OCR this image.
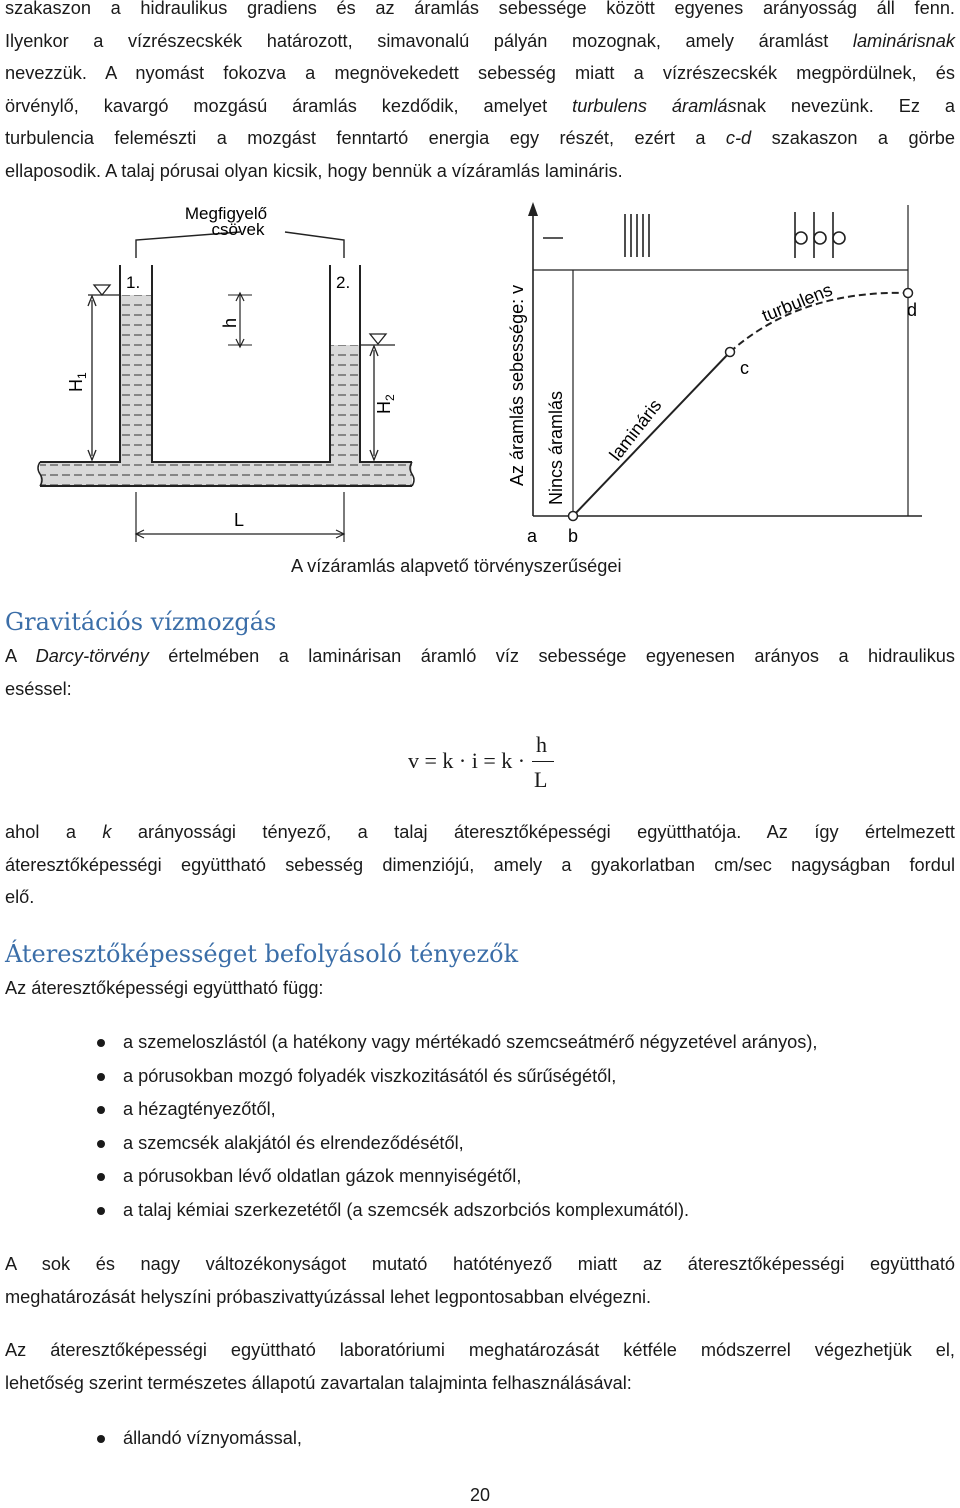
szakaszon a hidraulikus gradiens és az áramlás sebessége között egyenes arányosság áll fenn.

Ilyenkor a vízrészecskék határozott, simavonalú pályán mozognak, amely áramlást laminárisnak

nevezzük. A nyomást fokozva a megnövekedett sebesség miatt a vízrészecskék megpördülnek, és

örvénylő, kavargó mozgású áramlás kezdődik, amelyet turbulens áramlásnak nevezünk. Ez a

turbulencia felemészti a mozgást fenntartó energia egy részét, ezért a c-d szakaszon a görbe

ellaposodik. A talaj pórusai olyan kicsik, hogy bennük a vízáramlás lamináris.

Megfigyelő
csövek
1.	2.
$H_1$
h
$H_2$
L
Az áramlás sebessége: v Nincs áramlás lamináris
turbulens
a b
c
d
A vízáramlás alapvető törvényszerűségei
Gravitációs vízmozgás

A Darcy-törvény értelmében a laminárisan áramló víz sebessége egyenesen arányos a hidraulikus

eséssel:

v = k · i = k ·
h
L

ahol a k arányossági tényező, a talaj áteresztőképességi együtthatója. Az így értelmezett

áteresztőképességi együttható sebesség dimenziójú, amely a gyakorlatban cm/sec nagyságban fordul

elő.

Áteresztőképességet befolyásoló tényezők

Az áteresztőképességi együttható függ:

a szemeloszlástól (a hatékony vagy mértékadó szemcseátmérő négyzetével arányos),
a pórusokban mozgó folyadék viszkozitásától és sűrűségétől,
a hézagtényezőtől,
a szemcsék alakjától és elrendeződésétől,
a pórusokban lévő oldatlan gázok mennyiségétől,
a talaj kémiai szerkezetétől (a szemcsék adszorbciós komplexumától).

A sok és nagy változékonyságot mutató hatótényező miatt az áteresztőképességi együttható

meghatározását helyszíni próbaszivattyúzással lehet legpontosabban elvégezni.

Az áteresztőképességi együttható laboratóriumi meghatározását kétféle módszerrel végezhetjük el,

lehetőség szerint természetes állapotú zavartalan talajminta felhasználásával:

állandó víznyomással,
20
